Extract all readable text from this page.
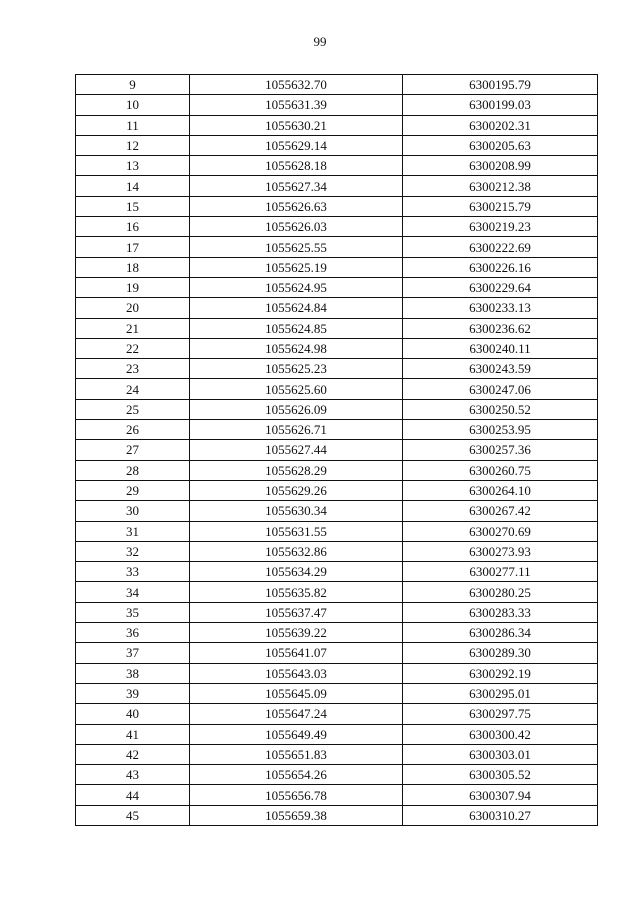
99
9	1055632.70	6300195.79
10	1055631.39	6300199.03
11	1055630.21	6300202.31
12	1055629.14	6300205.63
13	1055628.18	6300208.99
14	1055627.34	6300212.38
15	1055626.63	6300215.79
16	1055626.03	6300219.23
17	1055625.55	6300222.69
18	1055625.19	6300226.16
19	1055624.95	6300229.64
20	1055624.84	6300233.13
21	1055624.85	6300236.62
22	1055624.98	6300240.11
23	1055625.23	6300243.59
24	1055625.60	6300247.06
25	1055626.09	6300250.52
26	1055626.71	6300253.95
27	1055627.44	6300257.36
28	1055628.29	6300260.75
29	1055629.26	6300264.10
30	1055630.34	6300267.42
31	1055631.55	6300270.69
32	1055632.86	6300273.93
33	1055634.29	6300277.11
34	1055635.82	6300280.25
35	1055637.47	6300283.33
36	1055639.22	6300286.34
37	1055641.07	6300289.30
38	1055643.03	6300292.19
39	1055645.09	6300295.01
40	1055647.24	6300297.75
41	1055649.49	6300300.42
42	1055651.83	6300303.01
43	1055654.26	6300305.52
44	1055656.78	6300307.94
45	1055659.38	6300310.27
